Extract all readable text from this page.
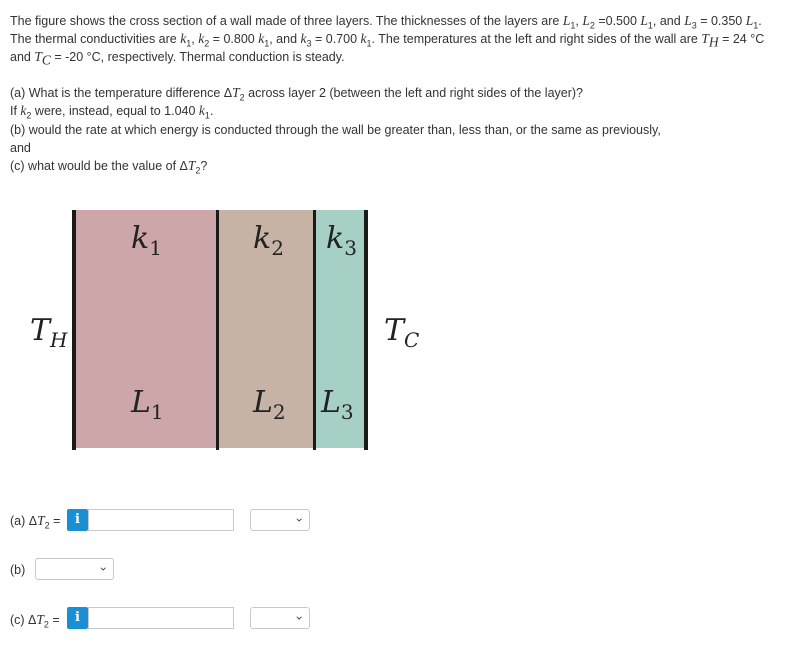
The figure shows the cross section of a wall made of three layers. The thicknesses of the layers are $L_1$, $L_2 =0.500$ $L_1$, and $L_3 = 0.350$ $L_1$.
The thermal conductivities are $k_1$, $k_2 = 0.800$ $k_1$, and $k_3 = 0.700$ $k_1$. The temperatures at the left and right sides of the wall are $T_H = 24$ °C
and $T_C = -20$ °C, respectively. Thermal conduction is steady.
(a) What is the temperature difference $\Delta T_2$ across layer 2 (between the left and right sides of the layer)?
If $k_2$ were, instead, equal to 1.040 $k_1$.
(b) would the rate at which energy is conducted through the wall be greater than, less than, or the same as previously,
and
(c) what would be the value of $\Delta T_2$?
$k_1$	$k_2$ $k_3$
$L_1$	$L_2$ $L_3$
$T_H$	$T_C$
(a) $\Delta T_2$ =	i	›
(b)	›
(c) $\Delta T_2$ =	i	›
